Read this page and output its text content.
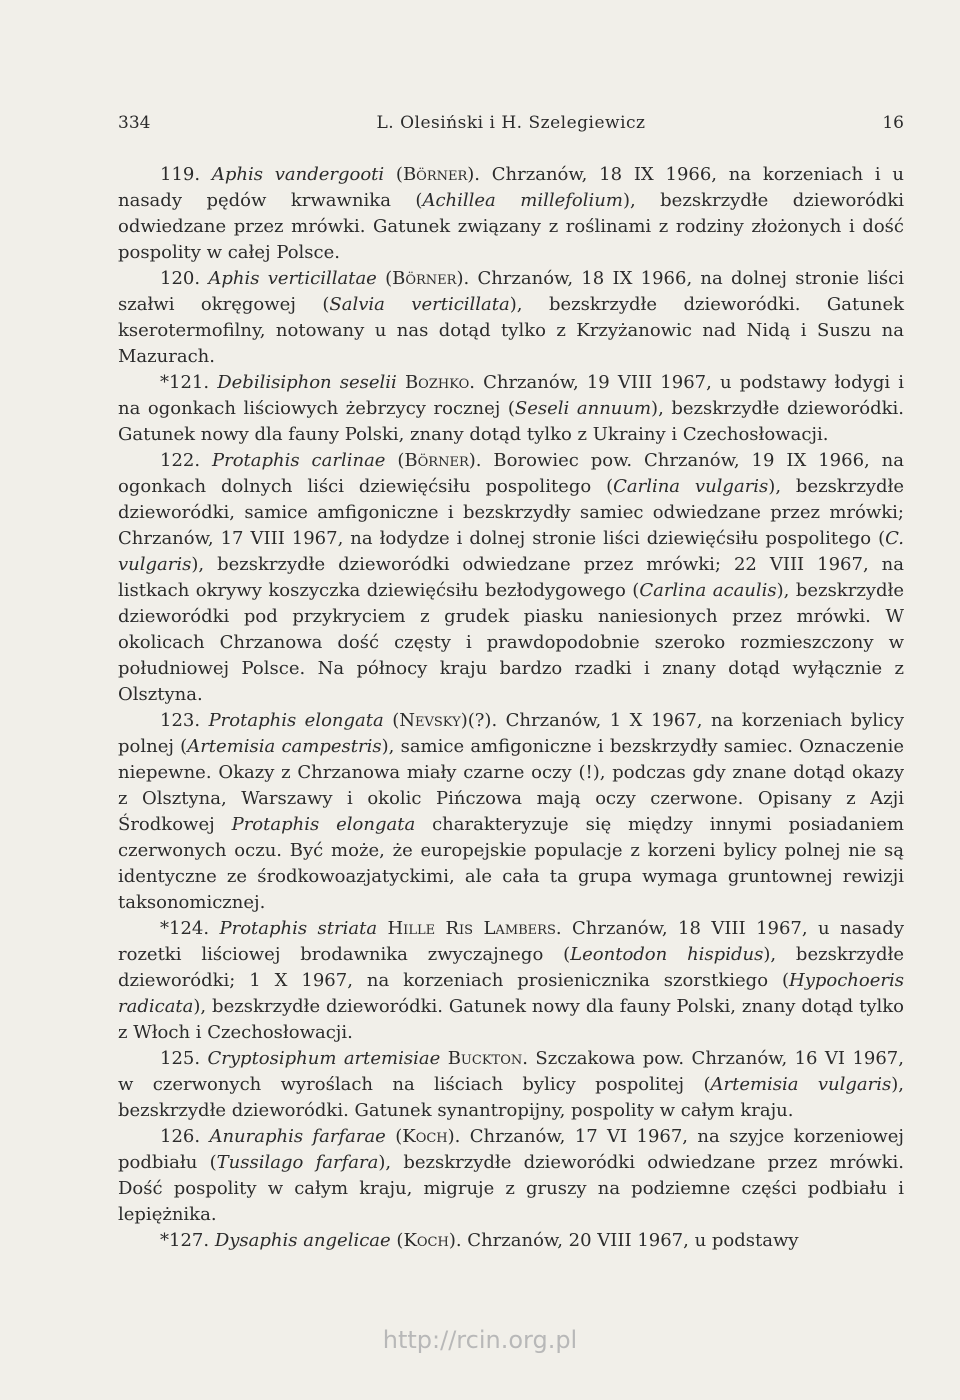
334	L. Olesiński i H. Szelegiewicz	16

119. Aphis vandergooti (Börner). Chrzanów, 18 IX 1966, na korzeniach i u nasady pędów krwawnika (Achillea millefolium), bezskrzydłe dzieworódki odwiedzane przez mrówki. Gatunek związany z roślinami z rodziny złożonych i dość pospolity w całej Polsce.

120. Aphis verticillatae (Börner). Chrzanów, 18 IX 1966, na dolnej stronie liści szałwi okręgowej (Salvia verticillata), bezskrzydłe dzieworódki. Gatunek kserotermofilny, notowany u nas dotąd tylko z Krzyżanowic nad Nidą i Suszu na Mazurach.

*121. Debilisiphon seselii Bozhko. Chrzanów, 19 VIII 1967, u podstawy łodygi i na ogonkach liściowych żebrzycy rocznej (Seseli annuum), bezskrzydłe dzieworódki. Gatunek nowy dla fauny Polski, znany dotąd tylko z Ukrainy i Czechosłowacji.

122. Protaphis carlinae (Börner). Borowiec pow. Chrzanów, 19 IX 1966, na ogonkach dolnych liści dziewięćsiłu pospolitego (Carlina vulgaris), bezskrzydłe dzieworódki, samice amfigoniczne i bezskrzydły samiec odwiedzane przez mrówki; Chrzanów, 17 VIII 1967, na łodydze i dolnej stronie liści dziewięćsiłu pospolitego (C. vulgaris), bezskrzydłe dzieworódki odwiedzane przez mrówki; 22 VIII 1967, na listkach okrywy koszyczka dziewięćsiłu bezłodygowego (Carlina acaulis), bezskrzydłe dzieworódki pod przykryciem z grudek piasku naniesionych przez mrówki. W okolicach Chrzanowa dość częsty i prawdopodobnie szeroko rozmieszczony w południowej Polsce. Na północy kraju bardzo rzadki i znany dotąd wyłącznie z Olsztyna.

123. Protaphis elongata (Nevsky)(?). Chrzanów, 1 X 1967, na korzeniach bylicy polnej (Artemisia campestris), samice amfigoniczne i bezskrzydły samiec. Oznaczenie niepewne. Okazy z Chrzanowa miały czarne oczy (!), podczas gdy znane dotąd okazy z Olsztyna, Warszawy i okolic Pińczowa mają oczy czerwone. Opisany z Azji Środkowej Protaphis elongata charakteryzuje się między innymi posiadaniem czerwonych oczu. Być może, że europejskie populacje z korzeni bylicy polnej nie są identyczne ze środkowoazjatyckimi, ale cała ta grupa wymaga gruntownej rewizji taksonomicznej.

*124. Protaphis striata Hille Ris Lambers. Chrzanów, 18 VIII 1967, u nasady rozetki liściowej brodawnika zwyczajnego (Leontodon hispidus), bezskrzydłe dzieworódki; 1 X 1967, na korzeniach prosienicznika szorstkiego (Hypochoeris radicata), bezskrzydłe dzieworódki. Gatunek nowy dla fauny Polski, znany dotąd tylko z Włoch i Czechosłowacji.

125. Cryptosiphum artemisiae Buckton. Szczakowa pow. Chrzanów, 16 VI 1967, w czerwonych wyroślach na liściach bylicy pospolitej (Artemisia vulgaris), bezskrzydłe dzieworódki. Gatunek synantropijny, pospolity w całym kraju.

126. Anuraphis farfarae (Koch). Chrzanów, 17 VI 1967, na szyjce korzeniowej podbiału (Tussilago farfara), bezskrzydłe dzieworódki odwiedzane przez mrówki. Dość pospolity w całym kraju, migruje z gruszy na podziemne części podbiału i lepiężnika.

*127. Dysaphis angelicae (Koch). Chrzanów, 20 VIII 1967, u podstawy

http://rcin.org.pl
